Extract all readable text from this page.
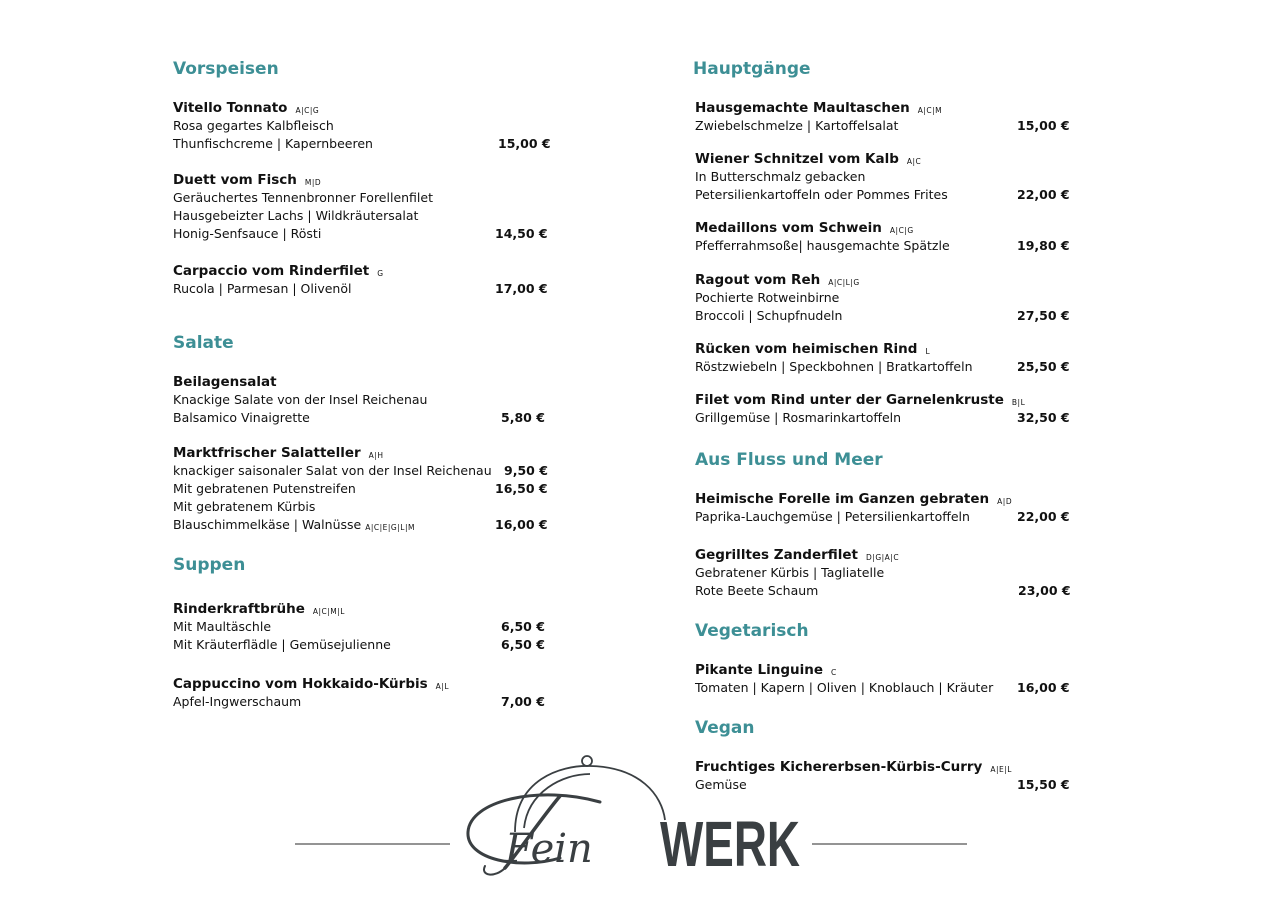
Vorspeisen
Vitello Tonnato A|C|G
Rosa gegartes Kalbfleisch
Thunfischcreme | Kapernbeeren	15,00 €
Duett vom Fisch M|D
Geräuchertes Tennenbronner Forellenfilet
Hausgebeizter Lachs | Wildkräutersalat
Honig-Senfsauce | Rösti	14,50 €
Carpaccio vom Rinderfilet G
Rucola | Parmesan | Olivenöl	17,00 €
Salate
Beilagensalat
Knackige Salate von der Insel Reichenau
Balsamico Vinaigrette	5,80 €
Marktfrischer Salatteller A|H
knackiger saisonaler Salat von der Insel Reichenau 9,50 €
Mit gebratenen Putenstreifen	16,50 €
Mit gebratenem Kürbis
Blauschimmelkäse | Walnüsse A|C|E|G|L|M	16,00 €
Suppen
Rinderkraftbrühe A|C|M|L
Mit Maultäschle	6,50 €
Mit Kräuterflädle | Gemüsejulienne	6,50 €
Cappuccino vom Hokkaido-Kürbis A|L
Apfel-Ingwerschaum	7,00 €
Hauptgänge
Hausgemachte Maultaschen A|C|M
Zwiebelschmelze | Kartoffelsalat	15,00 €
Wiener Schnitzel vom Kalb A|C
In Butterschmalz gebacken
Petersilienkartoffeln oder Pommes Frites	22,00 €
Medaillons vom Schwein A|C|G
Pfefferrahmsoße| hausgemachte Spätzle	19,80 €
Ragout vom Reh A|C|L|G
Pochierte Rotweinbirne
Broccoli | Schupfnudeln	27,50 €
Rücken vom heimischen Rind L
Röstzwiebeln | Speckbohnen | Bratkartoffeln	25,50 €
Filet vom Rind unter der Garnelenkruste B|L
Grillgemüse | Rosmarinkartoffeln	32,50 €
Aus Fluss und Meer
Heimische Forelle im Ganzen gebraten A|D
Paprika-Lauchgemüse | Petersilienkartoffeln	22,00 €
Gegrilltes Zanderfilet D|G|A|C
Gebratener Kürbis | Tagliatelle
Rote Beete Schaum	23,00 €
Vegetarisch
Pikante Linguine C
Tomaten | Kapern | Oliven | Knoblauch | Kräuter 16,00 €
Vegan
Fruchtiges Kichererbsen-Kürbis-Curry A|E|L
Gemüse	15,50 €
Fein WERK
